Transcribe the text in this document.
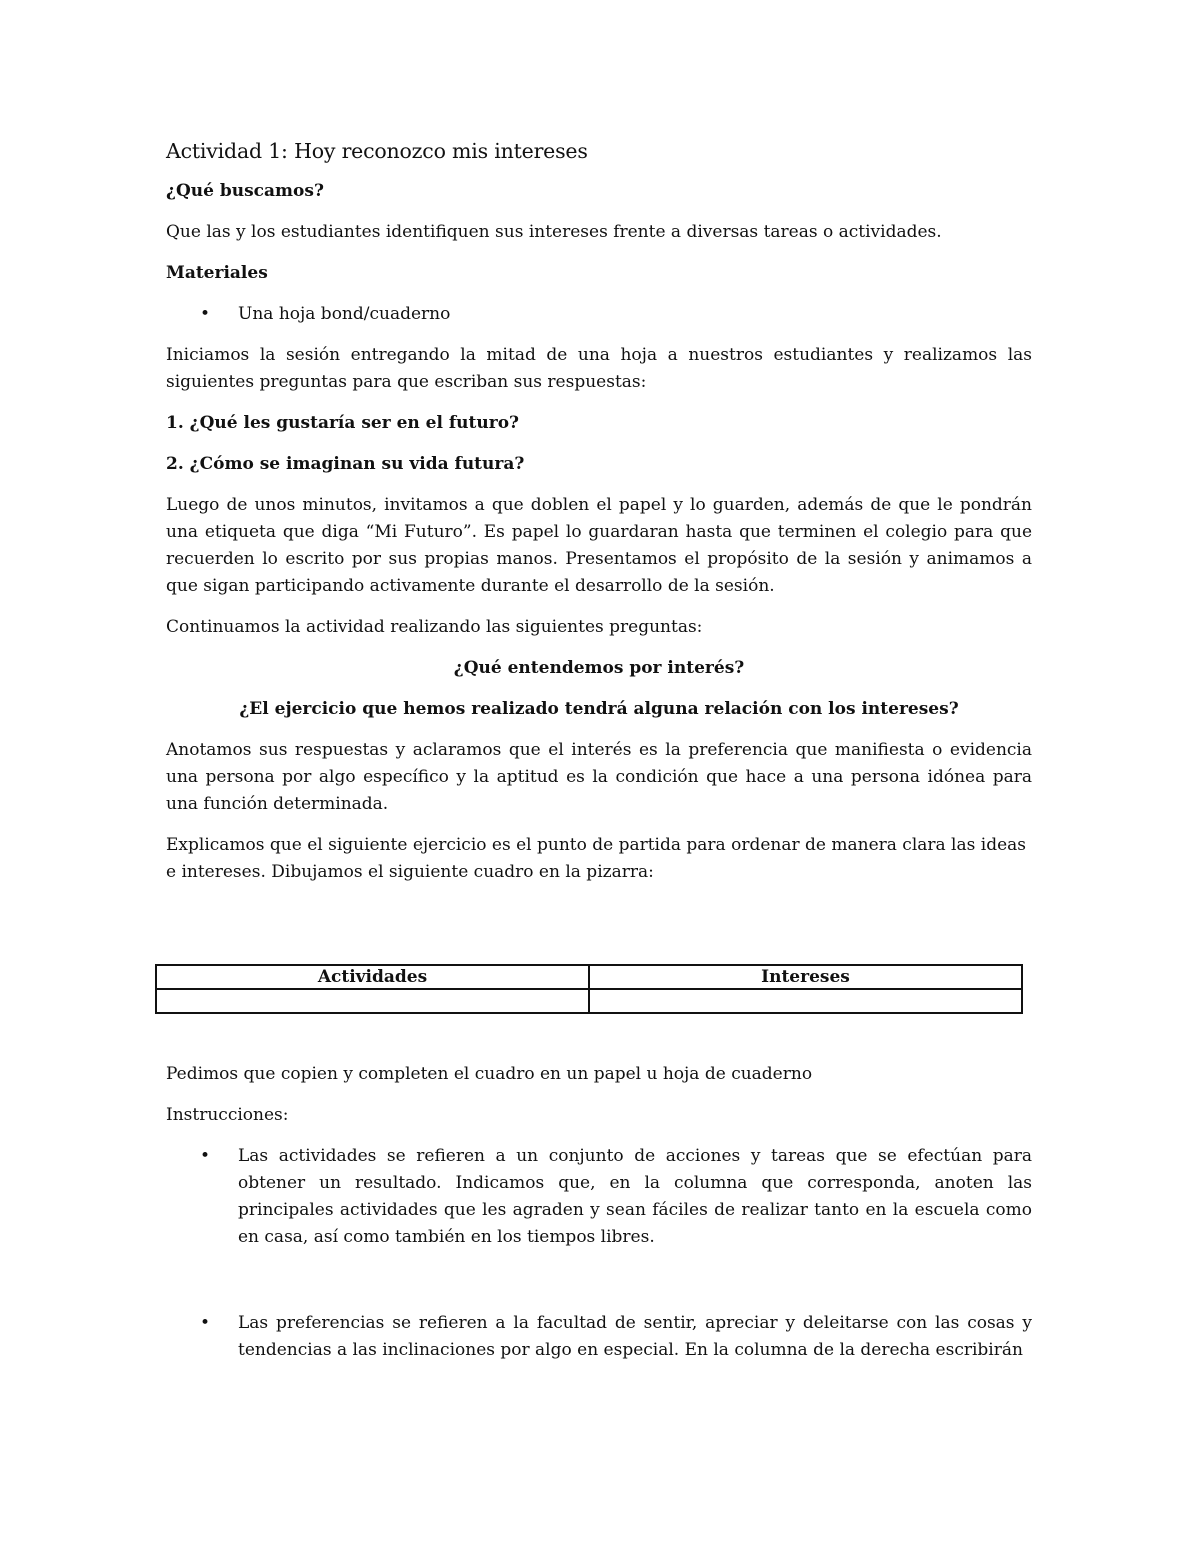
Actividad 1: Hoy reconozco mis intereses

¿Qué buscamos?

Que las y los estudiantes identifiquen sus intereses frente a diversas tareas o actividades.

Materiales

•	Una hoja bond/cuaderno

Iniciamos la sesión entregando la mitad de una hoja a nuestros estudiantes y realizamos las siguientes preguntas para que escriban sus respuestas:

1. ¿Qué les gustaría ser en el futuro?

2. ¿Cómo se imaginan su vida futura?

Luego de unos minutos, invitamos a que doblen el papel y lo guarden, además de que le pondrán una etiqueta que diga “Mi Futuro”. Es papel lo guardaran hasta que terminen el colegio para que recuerden lo escrito por sus propias manos. Presentamos el propósito de la sesión y animamos a que sigan participando activamente durante el desarrollo de la sesión.

Continuamos la actividad realizando las siguientes preguntas:

¿Qué entendemos por interés?

¿El ejercicio que hemos realizado tendrá alguna relación con los intereses?

Anotamos sus respuestas y aclaramos que el interés es la preferencia que manifiesta o evidencia una persona por algo específico y la aptitud es la condición que hace a una persona idónea para una función determinada.

Explicamos que el siguiente ejercicio es el punto de partida para ordenar de manera clara las ideas e intereses. Dibujamos el siguiente cuadro en la pizarra:

Actividades	Intereses

Pedimos que copien y completen el cuadro en un papel u hoja de cuaderno

Instrucciones:

•	Las actividades se refieren a un conjunto de acciones y tareas que se efectúan para obtener un resultado. Indicamos que, en la columna que corresponda, anoten las principales actividades que les agraden y sean fáciles de realizar tanto en la escuela como en casa, así como también en los tiempos libres.
•	Las preferencias se refieren a la facultad de sentir, apreciar y deleitarse con las cosas y tendencias a las inclinaciones por algo en especial. En la columna de la derecha escribirán
